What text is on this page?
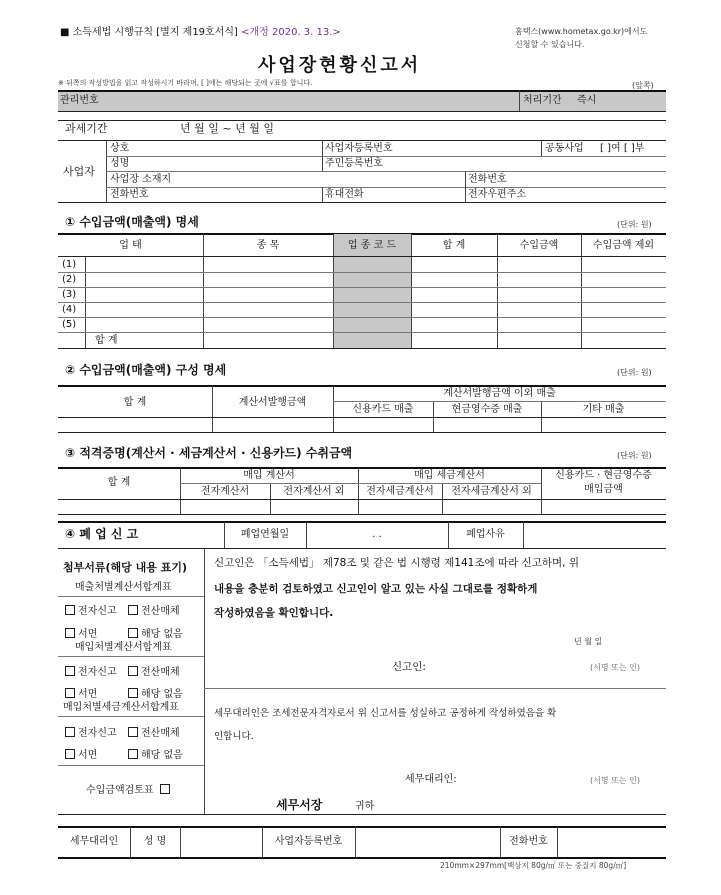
■ 소득세법 시행규칙 [별지 제19호서식] <개정 2020. 3. 13.>	홈택스(www.hometax.go.kr)에서도
신청할 수 있습니다.
사업장현황신고서
※ 뒤쪽의 작성방법을 읽고 작성하시기 바라며, [ ]에는 해당되는 곳에 √표를 합니다.	(앞쪽)
관리번호	처리기간 즉시
과세기간	년 월 일 ~ 년 월 일
사업자
상호	사업자등록번호	공동사업 [ ]여 [ ]부
성명	주민등록번호
사업장 소재지	전화번호
전화번호	휴대전화	전자우편주소
① 수입금액(매출액) 명세	(단위: 원)
업 태	종 목	업 종 코 드	합 계	수입금액	수입금액 제외
(1)
(2)
(3)
(4)
(5)
합 계
② 수입금액(매출액) 구성 명세	(단위: 원)
합 계	계산서발행금액
계산서발행금액 이외 매출
신용카드 매출	현금영수증 매출	기타 매출
③ 적격증명(계산서 · 세금계산서 · 신용카드) 수취금액	(단위: 원)
합 계
매입 계산서	매입 세금계산서	신용카드 · 현금영수증
매입금액
전자계산서	전자계산서 외	전자세금계산서	전자세금계산서 외
④ 폐 업 신 고	폐업연월일	. .	폐업사유
첨부서류(해당 내용 표기)
매출처별계산서합계표
전자신고	전산매체
서면	해당 없음
매입처별계산서합계표
전자신고	전산매체
서면	해당 없음
매입처별세금계산서합계표
전자신고	전산매체
서면	해당 없음
수입금액검토표
신고인은 「소득세법」 제78조 및 같은 법 시행령 제141조에 따라 신고하며, 위
내용을 충분히 검토하였고 신고인이 알고 있는 사실 그대로를 정확하게
작성하였음을 확인합니다.
년 월 일
신고인:	(서명 또는 인)
세무대리인은 조세전문자격자로서 위 신고서를 성실하고 공정하게 작성하였음을 확
인합니다.
세무대리인:	(서명 또는 인)
세무서장	귀하
세무대리인	성 명	사업자등록번호	전화번호
210mm×297mm[백상지 80g/㎡ 또는 중질지 80g/㎡]
